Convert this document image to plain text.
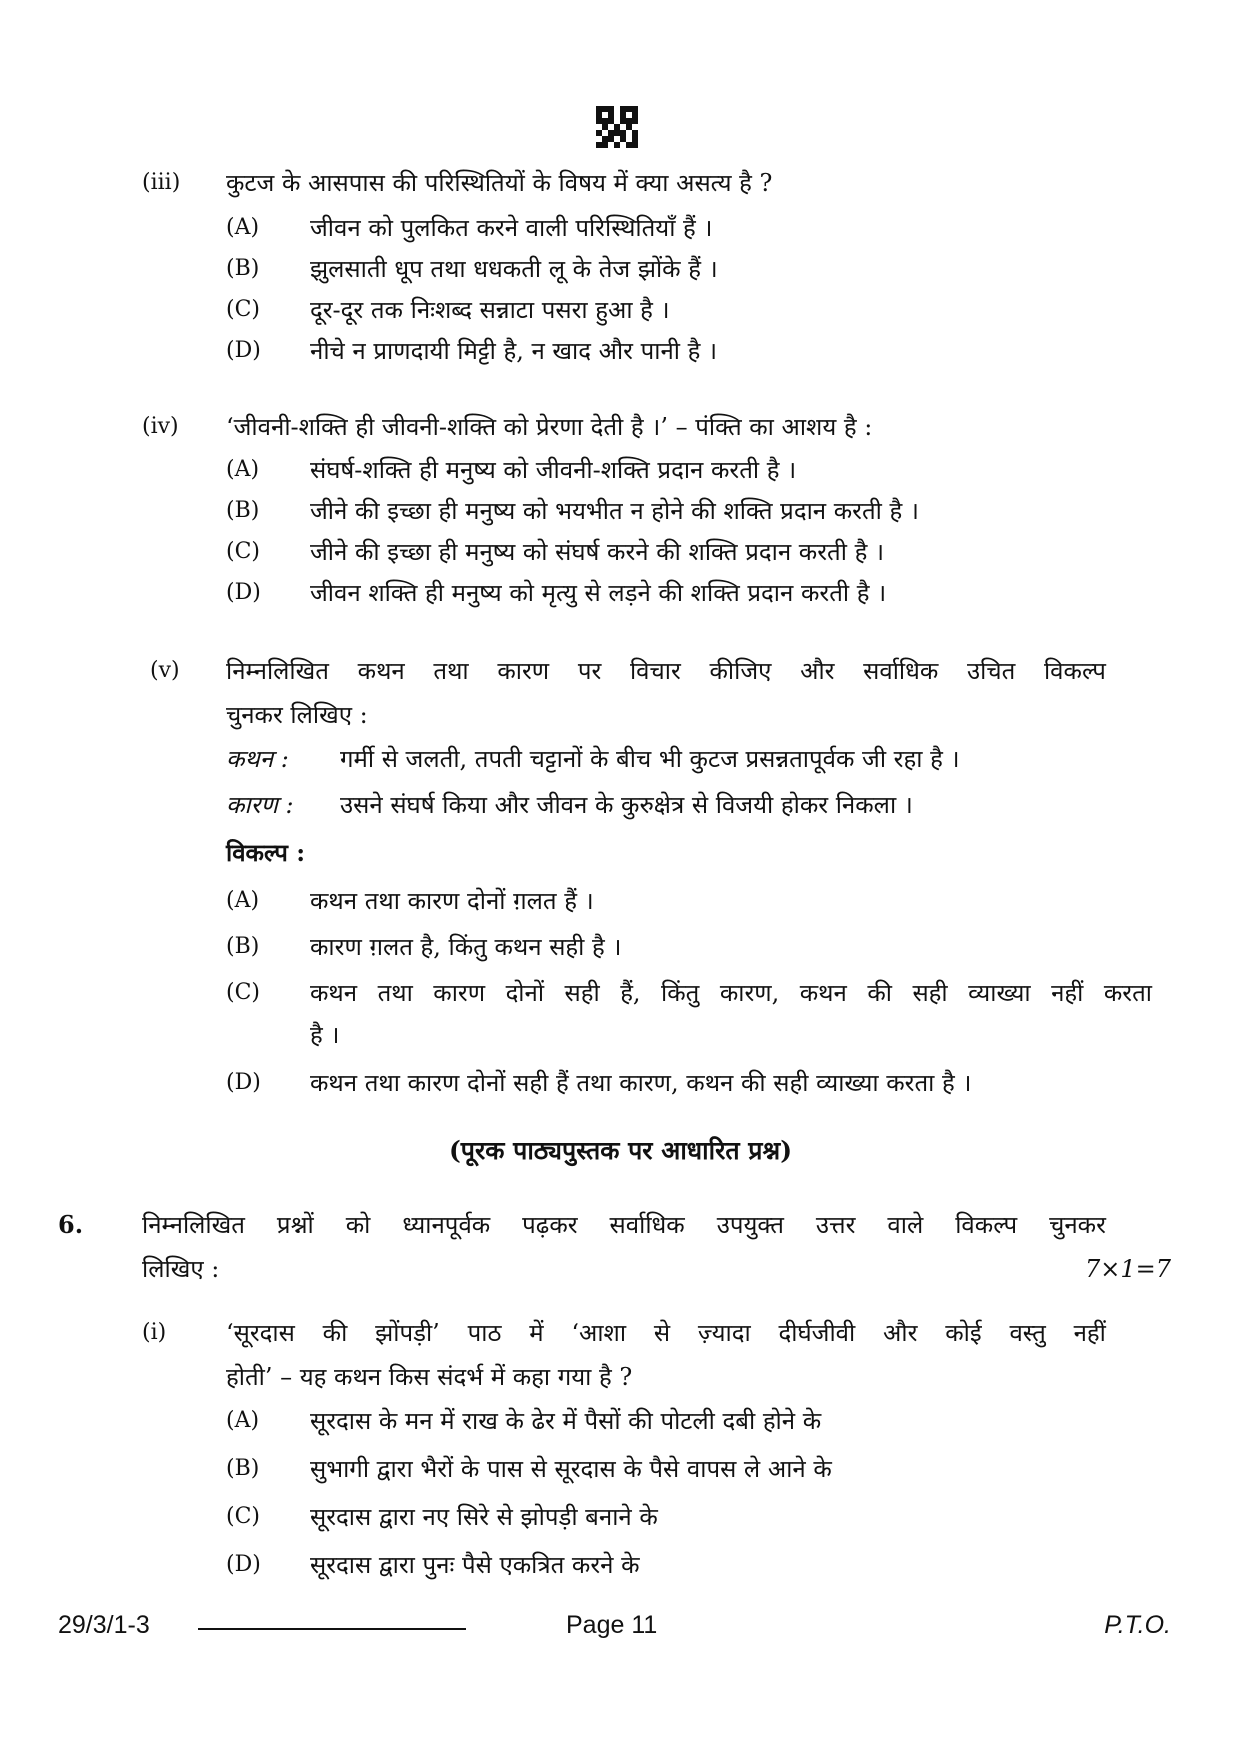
(iii) कुटज के आसपास की परिस्थितियों के विषय में क्या असत्य है ?
(A) जीवन को पुलकित करने वाली परिस्थितियाँ हैं ।
(B) झुलसाती धूप तथा धधकती लू के तेज झोंके हैं ।
(C) दूर-दूर तक निःशब्द सन्नाटा पसरा हुआ है ।
(D) नीचे न प्राणदायी मिट्टी है, न खाद और पानी है ।
(iv) ‘जीवनी-शक्ति ही जीवनी-शक्ति को प्रेरणा देती है ।’ – पंक्ति का आशय है :
(A) संघर्ष-शक्ति ही मनुष्य को जीवनी-शक्ति प्रदान करती है ।
(B) जीने की इच्छा ही मनुष्य को भयभीत न होने की शक्ति प्रदान करती है ।
(C) जीने की इच्छा ही मनुष्य को संघर्ष करने की शक्ति प्रदान करती है ।
(D) जीवन शक्ति ही मनुष्य को मृत्यु से लड़ने की शक्ति प्रदान करती है ।
(v) निम्नलिखित कथन तथा कारण पर विचार कीजिए और सर्वाधिक उचित विकल्प
चुनकर लिखिए :
कथन : गर्मी से जलती, तपती चट्टानों के बीच भी कुटज प्रसन्नतापूर्वक जी रहा है ।
कारण : उसने संघर्ष किया और जीवन के कुरुक्षेत्र से विजयी होकर निकला ।
विकल्प :
(A) कथन तथा कारण दोनों ग़लत हैं ।
(B) कारण ग़लत है, किंतु कथन सही है ।
(C) कथन तथा कारण दोनों सही हैं, किंतु कारण, कथन की सही व्याख्या नहीं करता
है ।
(D) कथन तथा कारण दोनों सही हैं तथा कारण, कथन की सही व्याख्या करता है ।
(पूरक पाठ्यपुस्तक पर आधारित प्रश्न)
6. निम्नलिखित प्रश्नों को ध्यानपूर्वक पढ़कर सर्वाधिक उपयुक्त उत्तर वाले विकल्प चुनकर
लिखिए :	7×1=7
(i) ‘सूरदास की झोंपड़ी’ पाठ में ‘आशा से ज़्यादा दीर्घजीवी और कोई वस्तु नहीं
होती’ – यह कथन किस संदर्भ में कहा गया है ?
(A) सूरदास के मन में राख के ढेर में पैसों की पोटली दबी होने के
(B) सुभागी द्वारा भैरों के पास से सूरदास के पैसे वापस ले आने के
(C) सूरदास द्वारा नए सिरे से झोपड़ी बनाने के
(D) सूरदास द्वारा पुनः पैसे एकत्रित करने के
29/3/1-3	Page 11	P.T.O.
